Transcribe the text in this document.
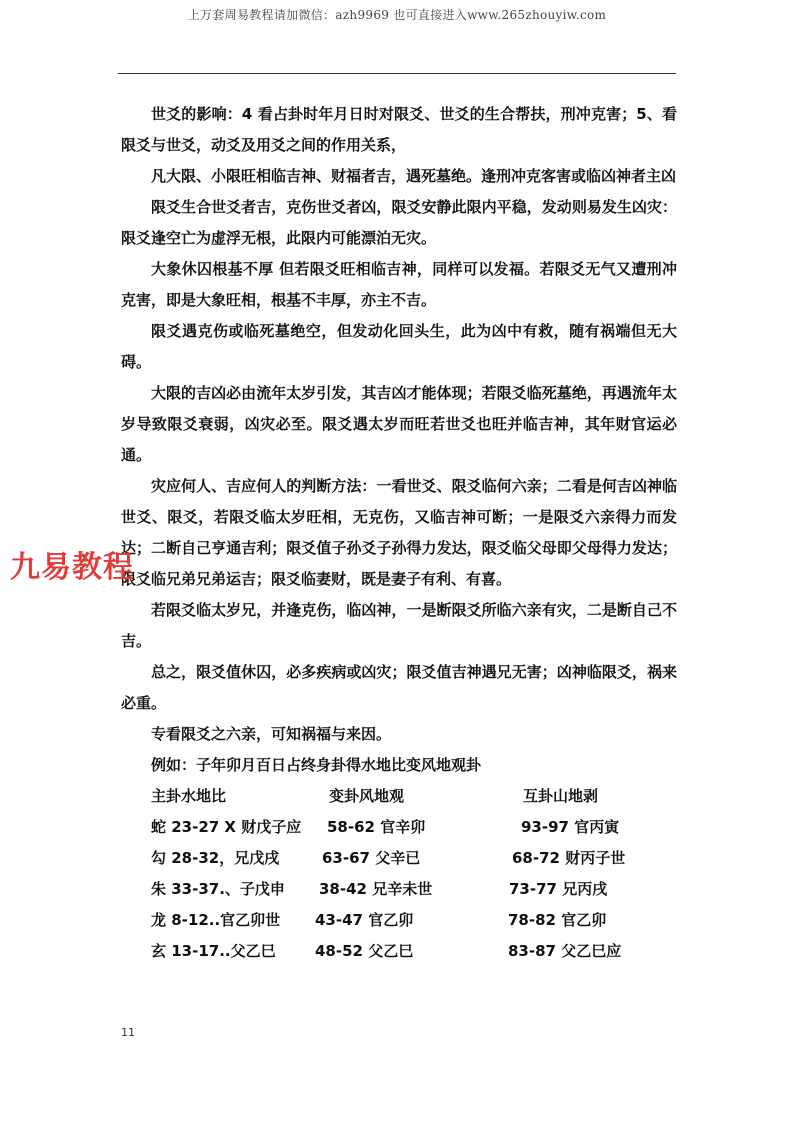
上万套周易教程请加微信：azh9969 也可直接进入www.265zhouyiw.com

世爻的影响：4 看占卦时年月日时对限爻、世爻的生合帮扶，刑冲克害；5、看限爻与世爻，动爻及用爻之间的作用关系，

凡大限、小限旺相临吉神、财福者吉，遇死墓绝。逢刑冲克客害或临凶神者主凶

限爻生合世爻者吉，克伤世爻者凶，限爻安静此限内平稳，发动则易发生凶灾：限爻逢空亡为虚浮无根，此限内可能漂泊无灾。

大象休囚根基不厚 但若限爻旺相临吉神，同样可以发福。若限爻无气又遭刑冲克害，即是大象旺相，根基不丰厚，亦主不吉。

限爻遇克伤或临死墓绝空，但发动化回头生，此为凶中有救，随有祸端但无大碍。

大限的吉凶必由流年太岁引发，其吉凶才能体现；若限爻临死墓绝，再遇流年太岁导致限爻衰弱，凶灾必至。限爻遇太岁而旺若世爻也旺并临吉神，其年财官运必通。

灾应何人、吉应何人的判断方法：一看世爻、限爻临何六亲；二看是何吉凶神临世爻、限爻，若限爻临太岁旺相，无克伤，又临吉神可断；一是限爻六亲得力而发达；二断自己亨通吉利；限爻值子孙爻子孙得力发达，限爻临父母即父母得力发达；限爻临兄弟兄弟运吉；限爻临妻财，既是妻子有利、有喜。

若限爻临太岁兄，并逢克伤，临凶神，一是断限爻所临六亲有灾，二是断自己不吉。

总之，限爻值休囚，必多疾病或凶灾；限爻值吉神遇兄无害；凶神临限爻，祸来必重。

专看限爻之六亲，可知祸福与来因。

例如：子年卯月百日占终身卦得水地比变风地观卦

主卦水地比	变卦风地观	互卦山地剥
蛇 23-27 X 财戊子应 58-62 官辛卯	93-97 官丙寅
勾 28-32，兄戊戌	63-67 父辛已	68-72 财丙子世
朱 33-37.、子戊申 38-42 兄辛未世	73-77 兄丙戌
龙 8-12..官乙卯世 43-47 官乙卯	78-82 官乙卯
玄 13-17..父乙巳	48-52 父乙巳	83-87 父乙巳应
九易教程
11
